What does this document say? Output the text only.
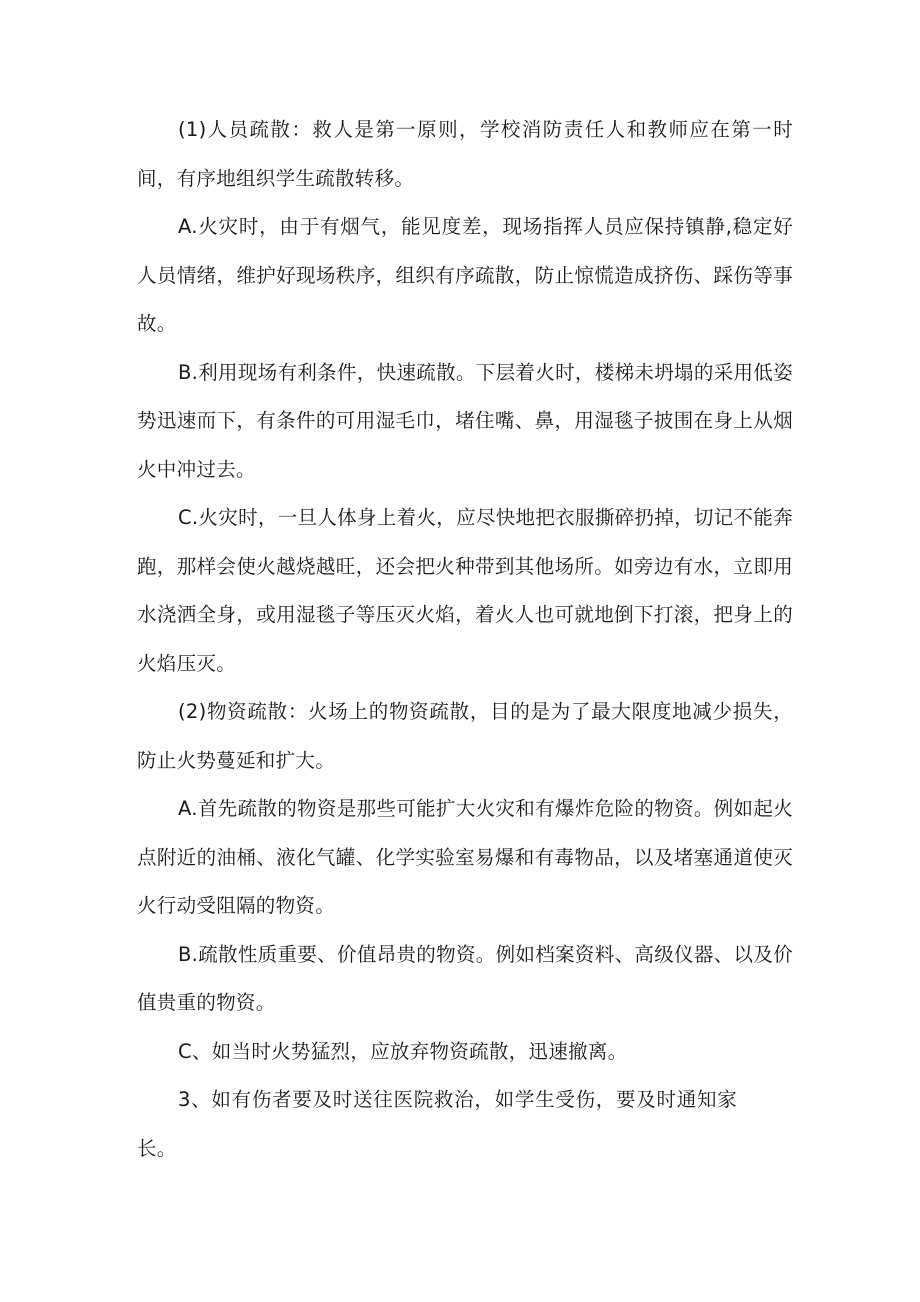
(1)人员疏散：救人是第一原则，学校消防责任人和教师应在第一时间，有序地组织学生疏散转移。

A.火灾时，由于有烟气，能见度差，现场指挥人员应保持镇静,稳定好人员情绪，维护好现场秩序，组织有序疏散，防止惊慌造成挤伤、踩伤等事故。

B.利用现场有利条件，快速疏散。下层着火时，楼梯未坍塌的采用低姿势迅速而下，有条件的可用湿毛巾，堵住嘴、鼻，用湿毯子披围在身上从烟火中冲过去。

C.火灾时，一旦人体身上着火，应尽快地把衣服撕碎扔掉，切记不能奔跑，那样会使火越烧越旺，还会把火种带到其他场所。如旁边有水，立即用水浇洒全身，或用湿毯子等压灭火焰，着火人也可就地倒下打滚，把身上的火焰压灭。

(2)物资疏散：火场上的物资疏散，目的是为了最大限度地减少损失，防止火势蔓延和扩大。

A.首先疏散的物资是那些可能扩大火灾和有爆炸危险的物资。例如起火点附近的油桶、液化气罐、化学实验室易爆和有毒物品，以及堵塞通道使灭火行动受阻隔的物资。

B.疏散性质重要、价值昂贵的物资。例如档案资料、高级仪器、以及价值贵重的物资。

C、如当时火势猛烈，应放弃物资疏散，迅速撤离。

3、如有伤者要及时送往医院救治，如学生受伤，要及时通知家长。
